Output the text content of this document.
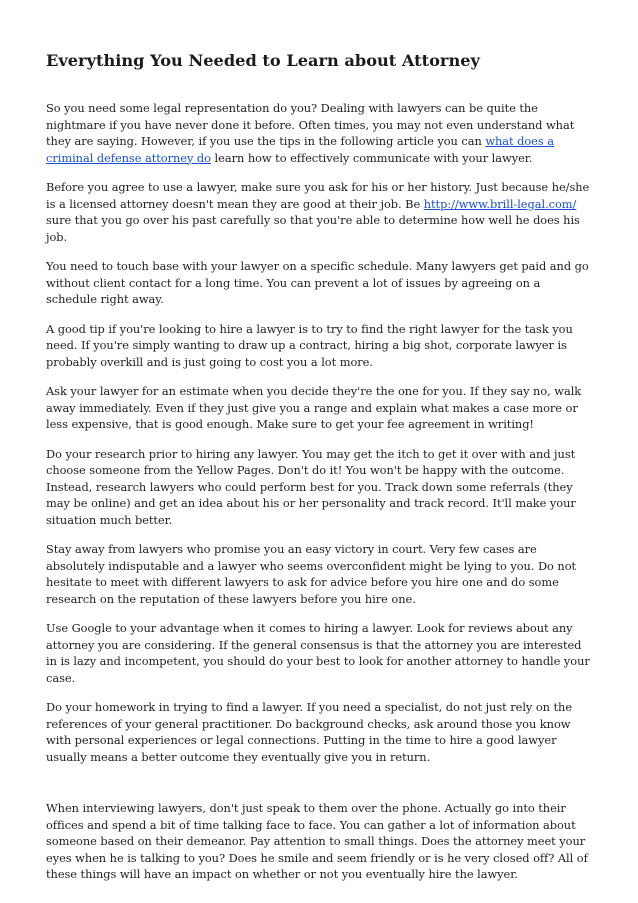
Everything You Needed to Learn about Attorney

So you need some legal representation do you? Dealing with lawyers can be quite the nightmare if you have never done it before. Often times, you may not even understand what they are saying. However, if you use the tips in the following article you can what does a criminal defense attorney do learn how to effectively communicate with your lawyer.

Before you agree to use a lawyer, make sure you ask for his or her history. Just because he/she is a licensed attorney doesn't mean they are good at their job. Be http://www.brill-legal.com/ sure that you go over his past carefully so that you're able to determine how well he does his job.

You need to touch base with your lawyer on a specific schedule. Many lawyers get paid and go without client contact for a long time. You can prevent a lot of issues by agreeing on a schedule right away.

A good tip if you're looking to hire a lawyer is to try to find the right lawyer for the task you need. If you're simply wanting to draw up a contract, hiring a big shot, corporate lawyer is probably overkill and is just going to cost you a lot more.

Ask your lawyer for an estimate when you decide they're the one for you. If they say no, walk away immediately. Even if they just give you a range and explain what makes a case more or less expensive, that is good enough. Make sure to get your fee agreement in writing!

Do your research prior to hiring any lawyer. You may get the itch to get it over with and just choose someone from the Yellow Pages. Don't do it! You won't be happy with the outcome. Instead, research lawyers who could perform best for you. Track down some referrals (they may be online) and get an idea about his or her personality and track record. It'll make your situation much better.

Stay away from lawyers who promise you an easy victory in court. Very few cases are absolutely indisputable and a lawyer who seems overconfident might be lying to you. Do not hesitate to meet with different lawyers to ask for advice before you hire one and do some research on the reputation of these lawyers before you hire one.

Use Google to your advantage when it comes to hiring a lawyer. Look for reviews about any attorney you are considering. If the general consensus is that the attorney you are interested in is lazy and incompetent, you should do your best to look for another attorney to handle your case.

Do your homework in trying to find a lawyer. If you need a specialist, do not just rely on the references of your general practitioner. Do background checks, ask around those you know with personal experiences or legal connections. Putting in the time to hire a good lawyer usually means a better outcome they eventually give you in return.

When interviewing lawyers, don't just speak to them over the phone. Actually go into their offices and spend a bit of time talking face to face. You can gather a lot of information about someone based on their demeanor. Pay attention to small things. Does the attorney meet your eyes when he is talking to you? Does he smile and seem friendly or is he very closed off? All of these things will have an impact on whether or not you eventually hire the lawyer.
